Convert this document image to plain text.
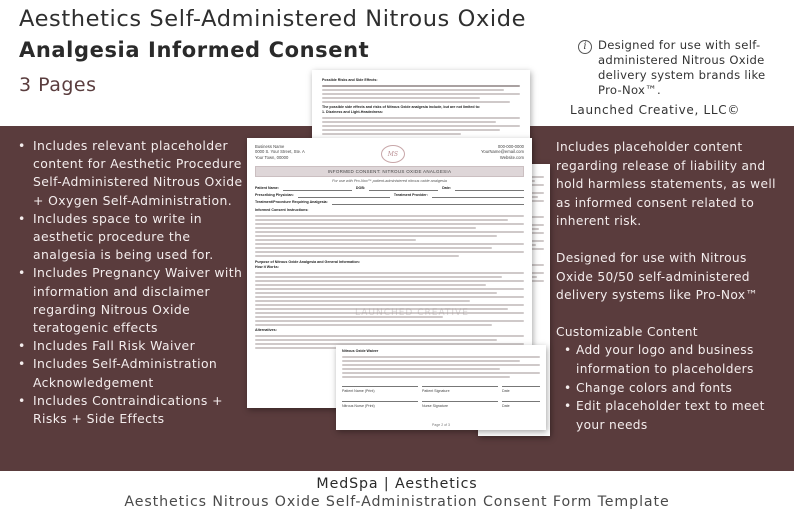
Aesthetics Self-Administered Nitrous Oxide
Analgesia Informed Consent
3 Pages
i Designed for use with self-administered Nitrous Oxide delivery system brands like Pro-Nox™.
Launched Creative, LLC©
• Includes relevant placeholder content for Aesthetic Procedure Self-Administered Nitrous Oxide + Oxygen Self-Administration.
• Includes space to write in aesthetic procedure the analgesia is being used for.
• Includes Pregnancy Waiver with information and disclaimer regarding Nitrous Oxide teratogenic effects
• Includes Fall Risk Waiver
• Includes Self-Administration Acknowledgement
• Includes Contraindications + Risks + Side Effects
Possible Risks and Side Effects:
The possible side effects and risks of Nitrous Oxide analgesia include, but are not limited to:
1. Dizziness and Light-Headedness:
Business Name
0000 S. Your Street, Ste. A
Your Town, 00000	MS
000-000-0000
YourName@email.com
Website.com
INFORMED CONSENT: NITROUS OXIDE ANALGESIA
For use with Pro-Nox™ patient-administered nitrous oxide analgesia
Patient Name:	DOB:	Date:
Prescribing Physician:	Treatment Provider:
Treatment/Procedure Requiring Analgesia:
Informed Consent Instructions:
Purpose of Nitrous Oxide Analgesia and General Information:
How it Works:
Alternatives:
Nitrous Oxide Waiver
Patient Name (Print)	Patient Signature	Date
Nitrous Nurse (Print)	Nurse Signature	Date
Page 2 of 3
LAUNCHED CREATIVE

Includes placeholder content regarding release of liability and hold harmless statements, as well as informed consent related to inherent risk.

Designed for use with Nitrous Oxide 50/50 self-administered delivery systems like Pro-Nox™

Customizable Content

• Add your logo and business information to placeholders
• Change colors and fonts
• Edit placeholder text to meet your needs
MedSpa | Aesthetics
Aesthetics Nitrous Oxide Self-Administration Consent Form Template
